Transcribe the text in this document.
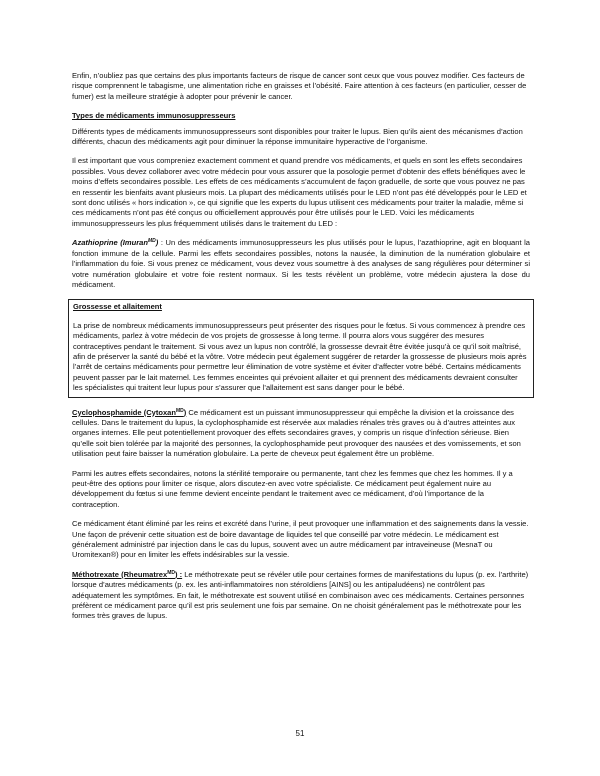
Enfin, n’oubliez pas que certains des plus importants facteurs de risque de cancer sont ceux que vous pouvez modifier. Ces facteurs de risque comprennent le tabagisme, une alimentation riche en graisses et l’obésité. Faire attention à ces facteurs (en particulier, cesser de fumer) est la meilleure stratégie à adopter pour prévenir le cancer.

Types de médicaments immunosuppresseurs

Différents types de médicaments immunosuppresseurs sont disponibles pour traiter le lupus. Bien qu’ils aient des mécanismes d’action différents, chacun des médicaments agit pour diminuer la réponse immunitaire hyperactive de l’organisme.

Il est important que vous compreniez exactement comment et quand prendre vos médicaments, et quels en sont les effets secondaires possibles. Vous devez collaborer avec votre médecin pour vous assurer que la posologie permet d’obtenir des effets bénéfiques avec le moins d’effets secondaires possible. Les effets de ces médicaments s’accumulent de façon graduelle, de sorte que vous pouvez ne pas en ressentir les bienfaits avant plusieurs mois. La plupart des médicaments utilisés pour le LED n’ont pas été développés pour le LED et sont donc utilisés « hors indication », ce qui signifie que les experts du lupus utilisent ces médicaments pour traiter la maladie, même si ces médicaments n’ont pas été conçus ou officiellement approuvés pour être utilisés pour le LED. Voici les médicaments immunosuppresseurs les plus fréquemment utilisés dans le traitement du LED :

Azathioprine (Imuran$^{MD}$) : Un des médicaments immunosuppresseurs les plus utilisés pour le lupus, l’azathioprine, agit en bloquant la fonction immune de la cellule. Parmi les effets secondaires possibles, notons la nausée, la diminution de la numération globulaire et l’inflammation du foie. Si vous prenez ce médicament, vous devez vous soumettre à des analyses de sang régulières pour déterminer si votre numération globulaire et votre foie restent normaux. Si les tests révèlent un problème, votre médecin ajustera la dose du médicament.

Grossesse et allaitement

La prise de nombreux médicaments immunosuppresseurs peut présenter des risques pour le fœtus. Si vous commencez à prendre ces médicaments, parlez à votre médecin de vos projets de grossesse à long terme. Il pourra alors vous suggérer des mesures contraceptives pendant le traitement. Si vous avez un lupus non contrôlé, la grossesse devrait être évitée jusqu’à ce qu’il soit maîtrisé, afin de préserver la santé du bébé et la vôtre. Votre médecin peut également suggérer de retarder la grossesse de plusieurs mois après l’arrêt de certains médicaments pour permettre leur élimination de votre système et éviter d’affecter votre bébé. Certains médicaments peuvent passer par le lait maternel. Les femmes enceintes qui prévoient allaiter et qui prennent des médicaments devraient consulter les spécialistes qui traitent leur lupus pour s’assurer que l’allaitement est sans danger pour le bébé.

Cyclophosphamide (Cytoxan$^{MD}$) Ce médicament est un puissant immunosuppresseur qui empêche la division et la croissance des cellules. Dans le traitement du lupus, la cyclophosphamide est réservée aux maladies rénales très graves ou à d’autres atteintes aux organes internes. Elle peut potentiellement provoquer des effets secondaires graves, y compris un risque d’infection sérieuse. Bien qu’elle soit bien tolérée par la majorité des personnes, la cyclophosphamide peut provoquer des nausées et des vomissements, et son utilisation peut faire baisser la numération globulaire. La perte de cheveux peut également être un problème.

Parmi les autres effets secondaires, notons la stérilité temporaire ou permanente, tant chez les femmes que chez les hommes. Il y a peut-être des options pour limiter ce risque, alors discutez-en avec votre spécialiste. Ce médicament peut également nuire au développement du fœtus si une femme devient enceinte pendant le traitement avec ce médicament, d’où l’importance de la contraception.

Ce médicament étant éliminé par les reins et excrété dans l’urine, il peut provoquer une inflammation et des saignements dans la vessie. Une façon de prévenir cette situation est de boire davantage de liquides tel que conseillé par votre médecin. Le médicament est généralement administré par injection dans le cas du lupus, souvent avec un autre médicament par intraveineuse (MesnaT ou Uromitexan®) pour en limiter les effets indésirables sur la vessie.

Méthotrexate (Rheumatrex$^{MD}$) : Le méthotrexate peut se révéler utile pour certaines formes de manifestations du lupus (p. ex. l’arthrite) lorsque d’autres médicaments (p. ex. les anti-inflammatoires non stéroïdiens [AINS] ou les antipaludéens) ne contrôlent pas adéquatement les symptômes. En fait, le méthotrexate est souvent utilisé en combinaison avec ces médicaments. Certaines personnes préfèrent ce médicament parce qu’il est pris seulement une fois par semaine. On ne choisit généralement pas le méthotrexate pour les formes très graves de lupus.

51
